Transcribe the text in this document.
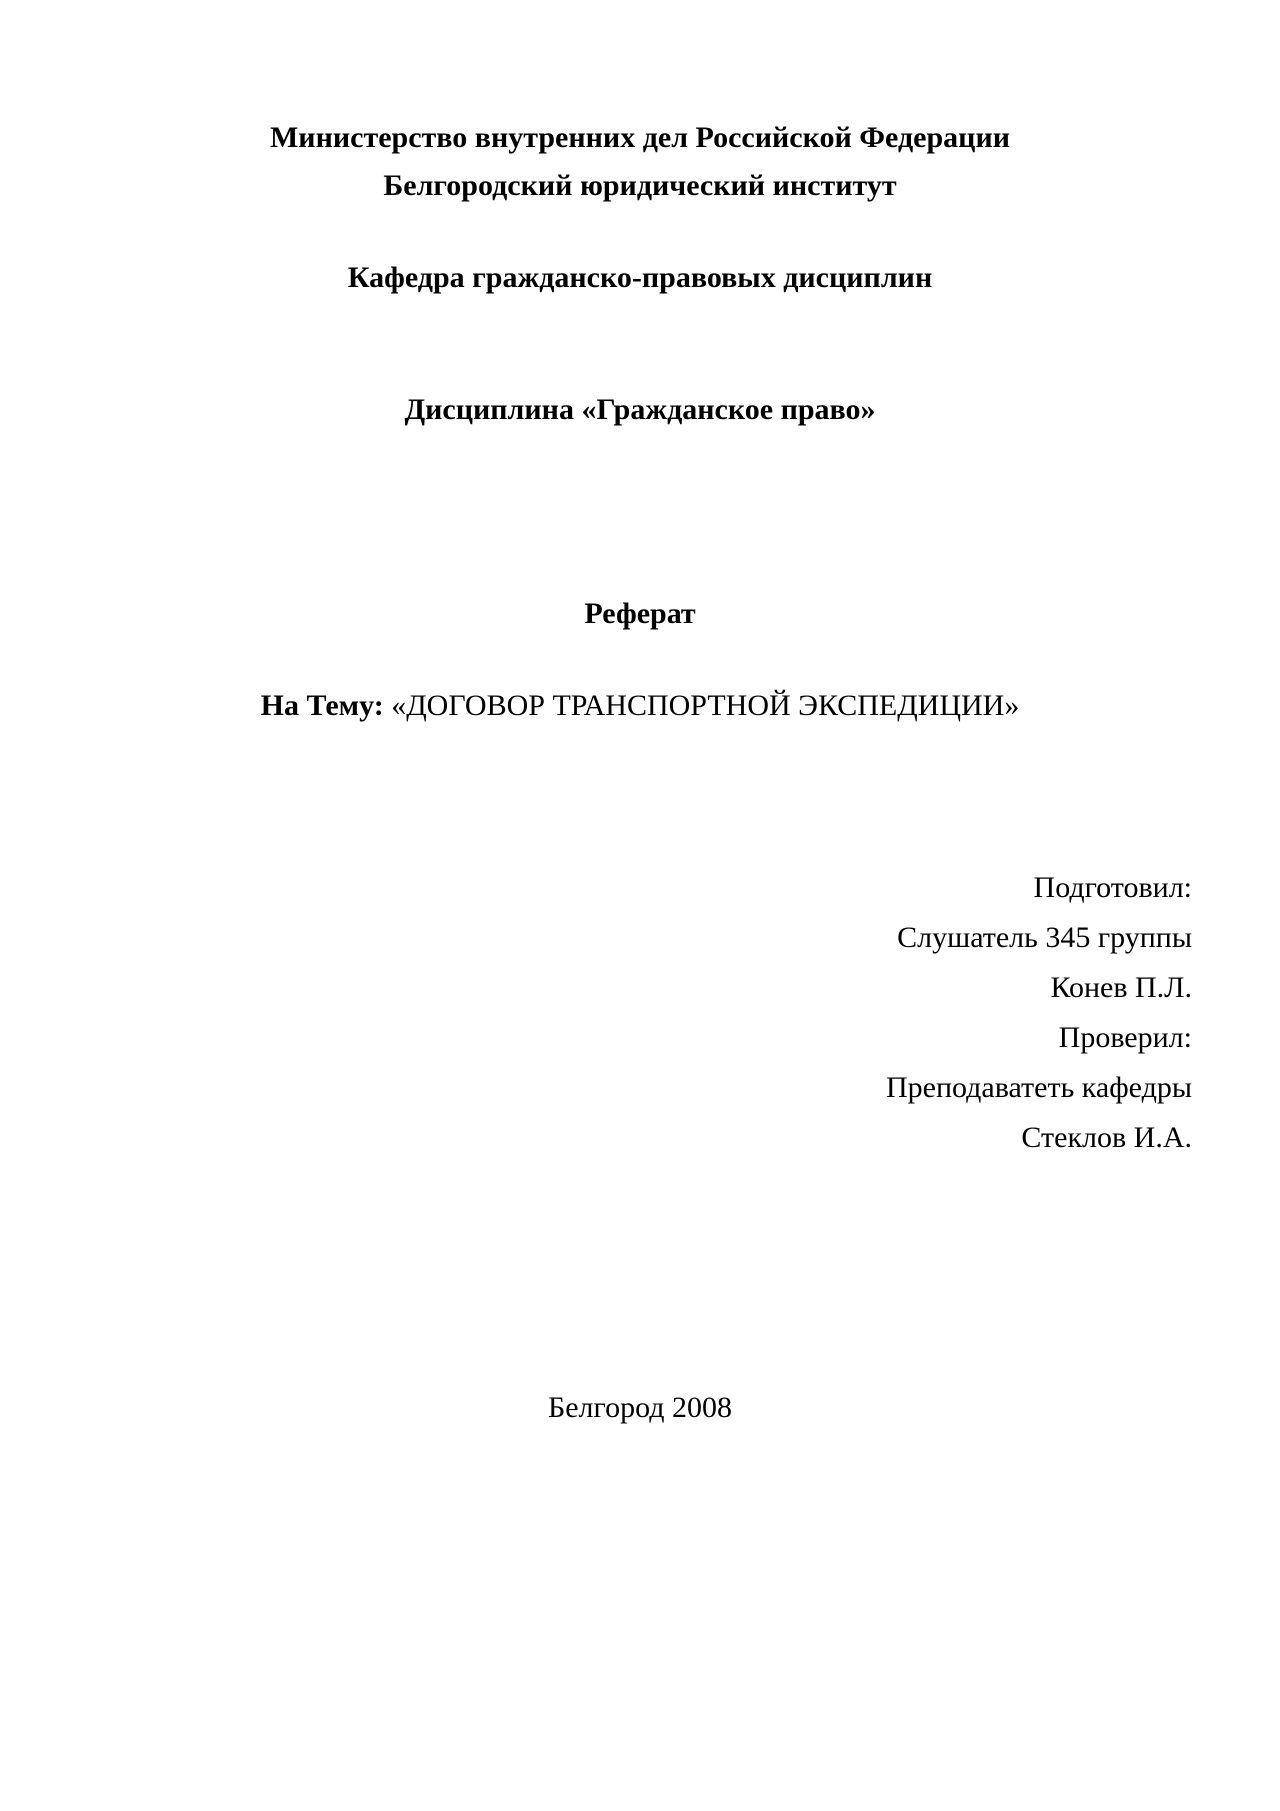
Министерство внутренних дел Российской Федерации
Белгородский юридический институт
Кафедра гражданско-правовых дисциплин
Дисциплина «Гражданское право»
Реферат
На Тему: «ДОГОВОР ТРАНСПОРТНОЙ ЭКСПЕДИЦИИ»
Подготовил:
Слушатель 345 группы
Конев П.Л.
Проверил:
Преподаватеть кафедры
Стеклов И.А.
Белгород 2008
